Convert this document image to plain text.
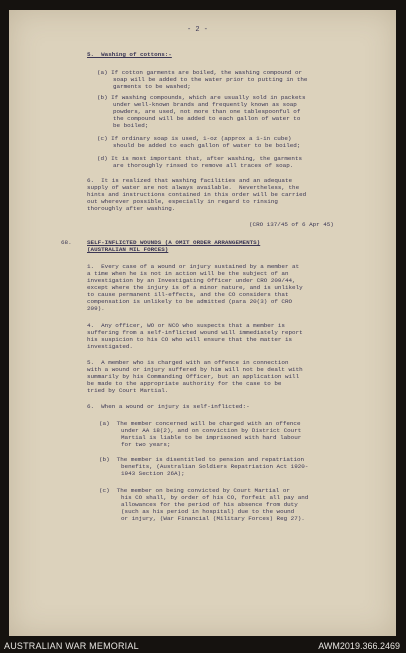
- 2 -
5.  Washing of cottons:-
(a) If cotton garments are boiled, the washing compound or
soap will be added to the water prior to putting in the
garments to be washed;
(b) If washing compounds, which are usually sold in packets
under well-known brands and frequently known as soap
powders, are used, not more than one tablespoonful of
the compound will be added to each gallon of water to
be boiled;
(c) If ordinary soap is used, 1-oz (approx a 1-in cube)
should be added to each gallon of water to be boiled;
(d) It is most important that, after washing, the garments
are thoroughly rinsed to remove all traces of soap.
6.  It is realized that washing facilities and an adequate
supply of water are not always available.  Nevertheless, the
hints and instructions contained in this order will be carried
out wherever possible, especially in regard to rinsing
thoroughly after washing.
(CRO 137/45 of 6 Apr 45)
68.	SELF-INFLICTED WOUNDS (A OMIT ORDER ARRANGEMENTS)
(AUSTRALIAN MIL FORCES)
1.  Every case of a wound or injury sustained by a member at
a time when he is not in action will be the subject of an
investigation by an Investigating Officer under CRO 209/44,
except where the injury is of a minor nature, and is unlikely
to cause permanent ill-effects, and the CO considers that
compensation is unlikely to be admitted (para 20(3) of CRO
209).
4.  Any officer, WO or NCO who suspects that a member is
suffering from a self-inflicted wound will immediately report
his suspicion to his CO who will ensure that the matter is
investigated.
5.  A member who is charged with an offence in connection
with a wound or injury suffered by him will not be dealt with
summarily by his Commanding Officer, but an application will
be made to the appropriate authority for the case to be
tried by Court Martial.
6.  When a wound or injury is self-inflicted:-
(a)  The member concerned will be charged with an offence
under AA 18(2), and on conviction by District Court
Martial is liable to be imprisoned with hard labour
for two years;
(b)  The member is disentitled to pension and repatriation
benefits, (Australian Soldiers Repatriation Act 1920-
1943 Section 26A);
(c)  The member on being convicted by Court Martial or
his CO shall, by order of his CO, forfeit all pay and
allowances for the period of his absence from duty
(such as his period in hospital) due to the wound
or injury, (War Financial (Military Forces) Reg 27).
AUSTRALIAN WAR MEMORIAL	AWM2019.366.2469
